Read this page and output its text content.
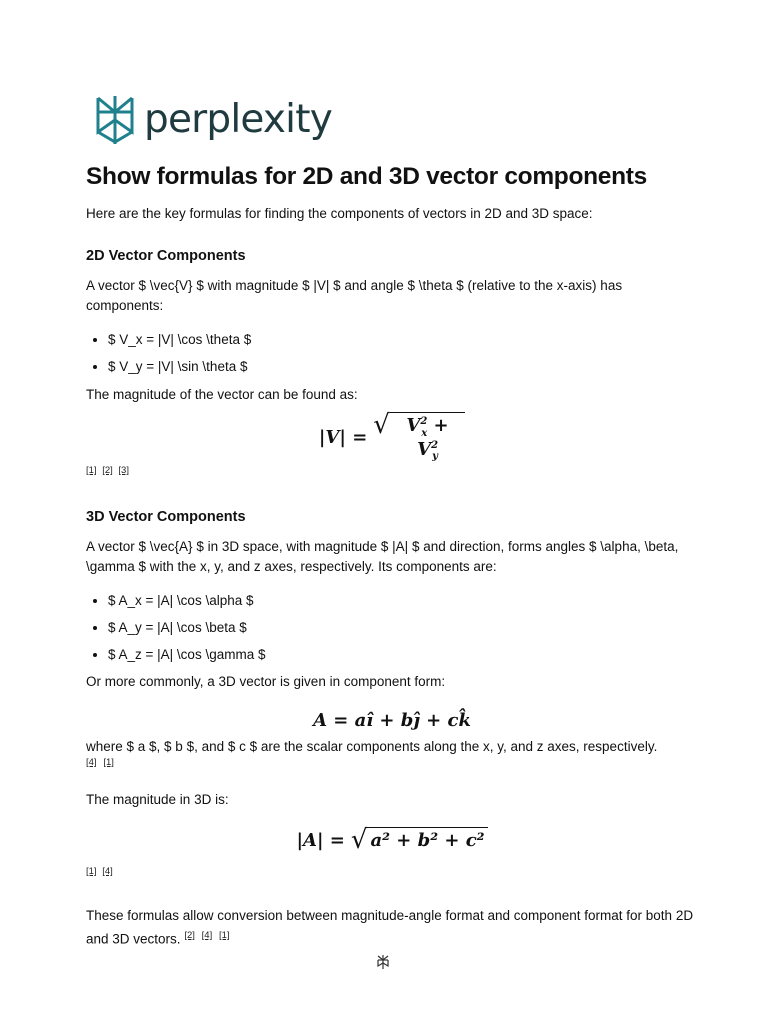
perplexity
Show formulas for 2D and 3D vector components

Here are the key formulas for finding the components of vectors in 2D and 3D space:

2D Vector Components

A vector $ \vec{V} $ with magnitude $ |V| $ and angle $ \theta $ (relative to the x-axis) has components:

• $ V_x = |V| \cos \theta $
• $ V_y = |V| \sin \theta $

The magnitude of the vector can be found as:

|V| = √ $V^2_x + V^2_y$
[1] [2] [3]
3D Vector Components

A vector $ \vec{A} $ in 3D space, with magnitude $ |A| $ and direction, forms angles $ \alpha, \beta, \gamma $ with the x, y, and z axes, respectively. Its components are:

• $ A_x = |A| \cos \alpha $
• $ A_y = |A| \cos \beta $
• $ A_z = |A| \cos \gamma $

Or more commonly, a 3D vector is given in component form:

A = aî + bĵ + ck̂

where $ a $, $ b $, and $ c $ are the scalar components along the x, y, and z axes, respectively.
[4] [1]

The magnitude in 3D is:

|A| = √ a² + b² + c²
[1] [4]

These formulas allow conversion between magnitude-angle format and component format for both 2D and 3D vectors. [2] [4] [1]
